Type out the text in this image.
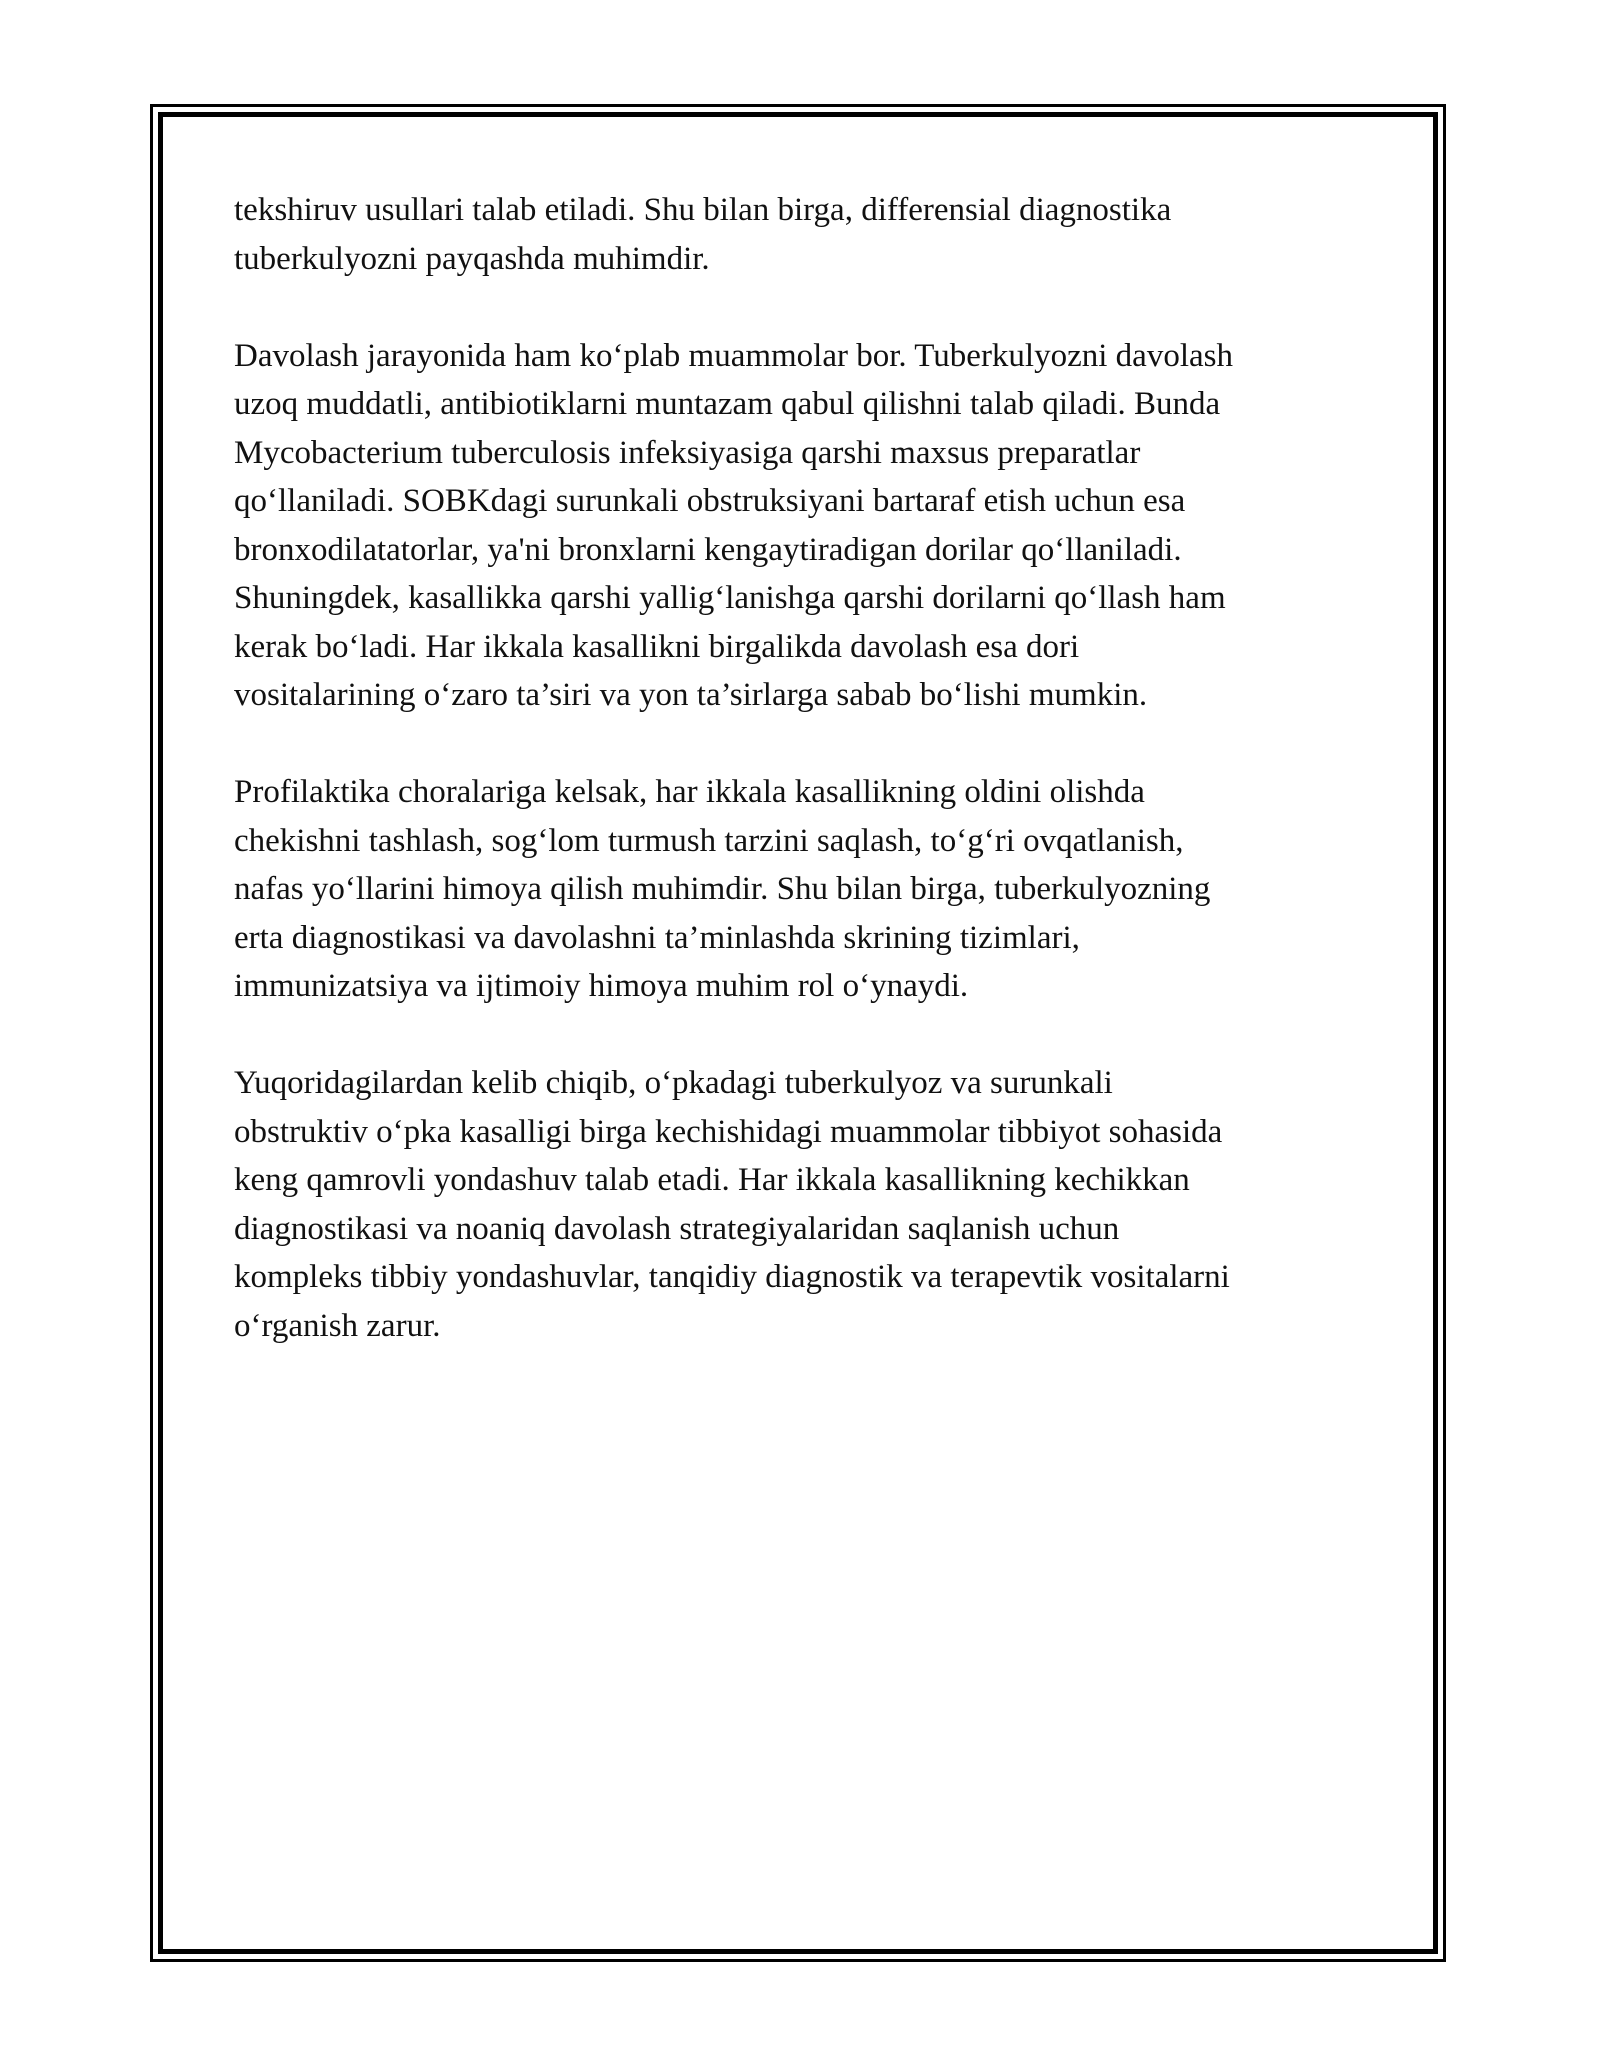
tekshiruv usullari talab etiladi. Shu bilan birga, differensial diagnostika
tuberkulyozni payqashda muhimdir.

Davolash jarayonida ham ko‘plab muammolar bor. Tuberkulyozni davolash
uzoq muddatli, antibiotiklarni muntazam qabul qilishni talab qiladi. Bunda
Mycobacterium tuberculosis infeksiyasiga qarshi maxsus preparatlar
qo‘llaniladi. SOBKdagi surunkali obstruksiyani bartaraf etish uchun esa
bronxodilatatorlar, ya'ni bronxlarni kengaytiradigan dorilar qo‘llaniladi.
Shuningdek, kasallikka qarshi yallig‘lanishga qarshi dorilarni qo‘llash ham
kerak bo‘ladi. Har ikkala kasallikni birgalikda davolash esa dori
vositalarining o‘zaro ta’siri va yon ta’sirlarga sabab bo‘lishi mumkin.

Profilaktika choralariga kelsak, har ikkala kasallikning oldini olishda
chekishni tashlash, sog‘lom turmush tarzini saqlash, to‘g‘ri ovqatlanish,
nafas yo‘llarini himoya qilish muhimdir. Shu bilan birga, tuberkulyozning
erta diagnostikasi va davolashni ta’minlashda skrining tizimlari,
immunizatsiya va ijtimoiy himoya muhim rol o‘ynaydi.

Yuqoridagilardan kelib chiqib, o‘pkadagi tuberkulyoz va surunkali
obstruktiv o‘pka kasalligi birga kechishidagi muammolar tibbiyot sohasida
keng qamrovli yondashuv talab etadi. Har ikkala kasallikning kechikkan
diagnostikasi va noaniq davolash strategiyalaridan saqlanish uchun
kompleks tibbiy yondashuvlar, tanqidiy diagnostik va terapevtik vositalarni
o‘rganish zarur.
